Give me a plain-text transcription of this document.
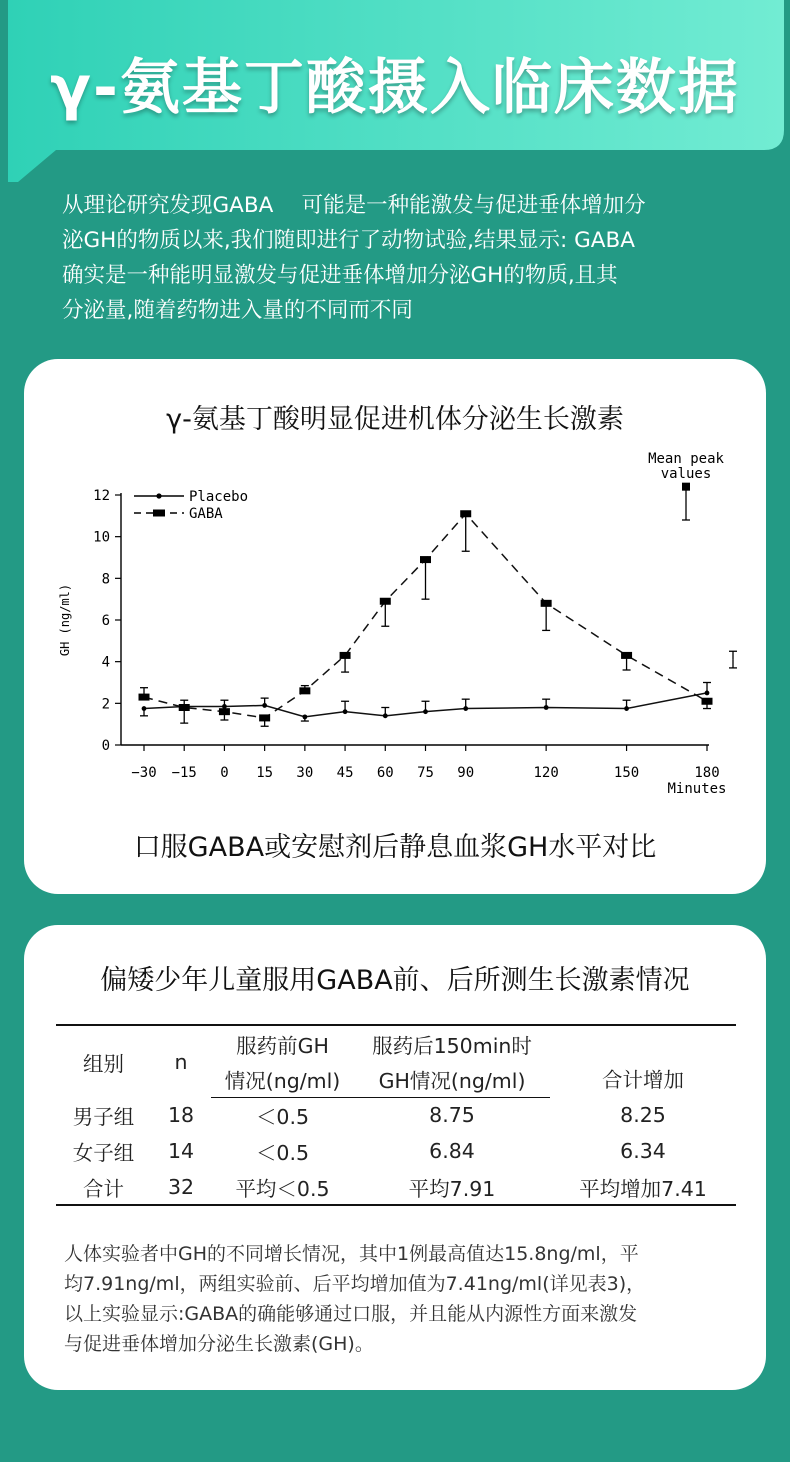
γ-氨基丁酸摄入临床数据
从理论研究发现GABA　 可能是一种能激发与促进垂体增加分
泌GH的物质以来,我们随即进行了动物试验,结果显示: GABA
确实是一种能明显激发与促进垂体增加分泌GH的物质,且其
分泌量,随着药物进入量的不同而不同
γ-氨基丁酸明显促进机体分泌生长激素
0
2
4
6
8
10
12
−30 −15 0 15 30 45 60 75 90	120	150	180
Minutes
GH (ng/ml)
Mean peak
values
Placebo
GABA
口服GABA或安慰剂后静息血浆GH水平对比
偏矮少年儿童服用GABA前、后所测生长激素情况
组别	n	服药前GH	服药后150min时	合计增加
		情况(ng/ml)	GH情况(ng/ml)	
男子组	18	＜0.5	8.75	8.25
女子组	14	＜0.5	6.84	6.34
合计	32	平均＜0.5	平均7.91	平均增加7.41
人体实验者中GH的不同增长情况，其中1例最高值达15.8ng/ml，平
均7.91ng/ml，两组实验前、后平均增加值为7.41ng/ml(详见表3)，
以上实验显示:GABA的确能够通过口服，并且能从内源性方面来激发
与促进垂体增加分泌生长激素(GH)。
